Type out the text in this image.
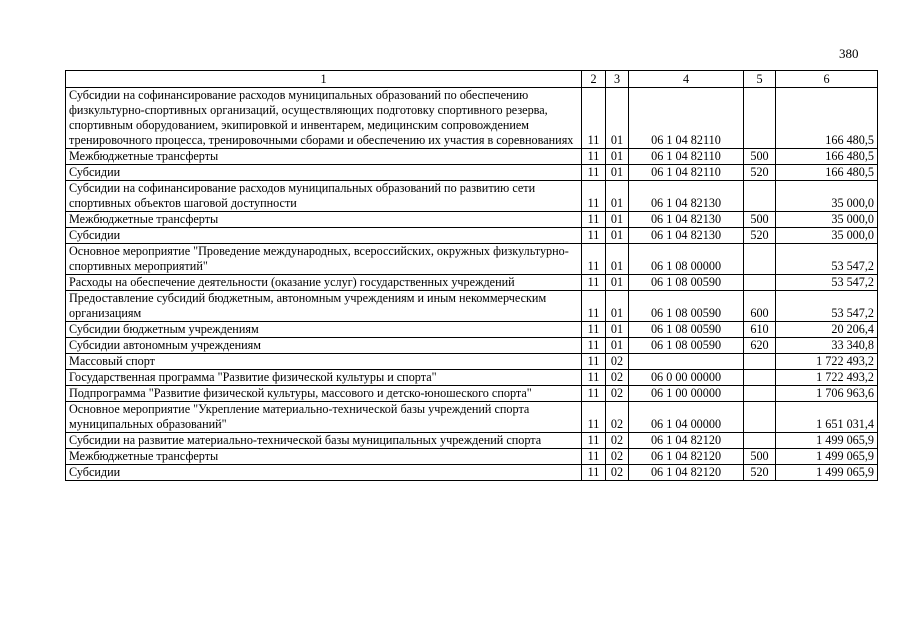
380
1	2	3	4	5	6
Субсидии на софинансирование расходов муниципальных образований по обеспечению физкультурно-спортивных организаций, осуществляющих подготовку спортивного резерва, спортивным оборудованием, экипировкой и инвентарем, медицинским сопровождением тренировочного процесса, тренировочными сборами и обеспечению их участия в соревнованиях	11	01	06 1 04 82110		166 480,5
Межбюджетные трансферты	11	01	06 1 04 82110	500	166 480,5
Субсидии	11	01	06 1 04 82110	520	166 480,5
Субсидии на софинансирование расходов муниципальных образований по развитию сети спортивных объектов шаговой доступности	11	01	06 1 04 82130		35 000,0
Межбюджетные трансферты	11	01	06 1 04 82130	500	35 000,0
Субсидии	11	01	06 1 04 82130	520	35 000,0
Основное мероприятие "Проведение международных, всероссийских, окружных физкультурно-спортивных мероприятий"	11	01	06 1 08 00000		53 547,2
Расходы на обеспечение деятельности (оказание услуг) государственных учреждений	11	01	06 1 08 00590		53 547,2
Предоставление субсидий бюджетным, автономным учреждениям и иным некоммерческим организациям	11	01	06 1 08 00590	600	53 547,2
Субсидии бюджетным учреждениям	11	01	06 1 08 00590	610	20 206,4
Субсидии автономным учреждениям	11	01	06 1 08 00590	620	33 340,8
Массовый спорт	11	02			1 722 493,2
Государственная программа "Развитие физической культуры и спорта"	11	02	06 0 00 00000		1 722 493,2
Подпрограмма "Развитие физической культуры, массового и детско-юношеского спорта"	11	02	06 1 00 00000		1 706 963,6
Основное мероприятие "Укрепление материально-технической базы учреждений спорта муниципальных образований"	11	02	06 1 04 00000		1 651 031,4
Субсидии на развитие материально-технической базы муниципальных учреждений спорта	11	02	06 1 04 82120		1 499 065,9
Межбюджетные трансферты	11	02	06 1 04 82120	500	1 499 065,9
Субсидии	11	02	06 1 04 82120	520	1 499 065,9
